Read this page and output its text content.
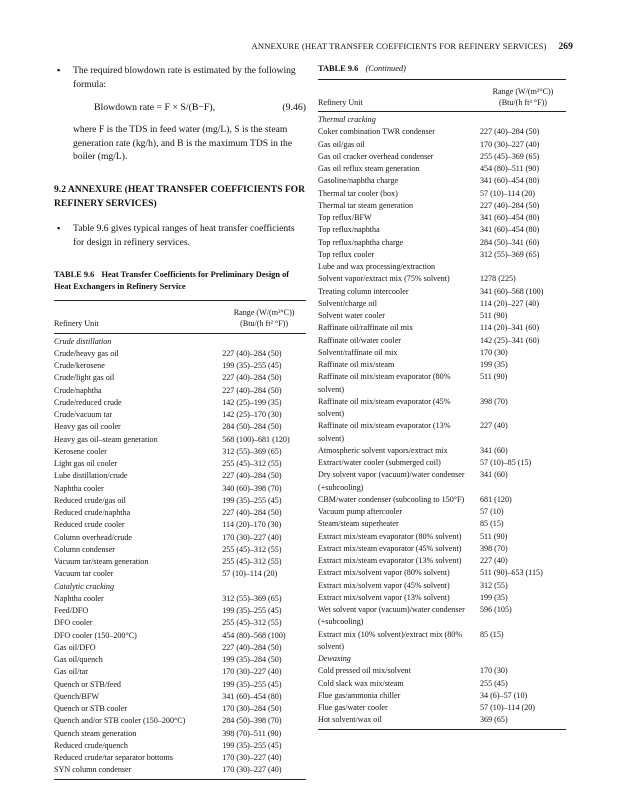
ANNEXURE (HEAT TRANSFER COEFFICIENTS FOR REFINERY SERVICES) 269
▪ The required blowdown rate is estimated by the following formula:
Blowdown rate = F × S/(B−F),	(9.46)
where F is the TDS in feed water (mg/L), S is the steam generation rate (kg/h), and B is the maximum TDS in the boiler (mg/L).
9.2 ANNEXURE (HEAT TRANSFER COEFFICIENTS FOR REFINERY SERVICES)
▪ Table 9.6 gives typical ranges of heat transfer coefficients for design in refinery services.
TABLE 9.6 Heat Transfer Coefficients for Preliminary Design of Heat Exchangers in Refinery Service
	Range (W/(m²°C))
Refinery Unit	(Btu/(h ft² °F))
Crude distillation	
Crude/heavy gas oil	227 (40)–284 (50)
Crude/kerosene	199 (35)–255 (45)
Crude/light gas oil	227 (40)–284 (50)
Crude/naphtha	227 (40)–284 (50)
Crude/reduced crude	142 (25)–199 (35)
Crude/vacuum tar	142 (25)–170 (30)
Heavy gas oil cooler	284 (50)–284 (50)
Heavy gas oil–steam generation	568 (100)–681 (120)
Kerosene cooler	312 (55)–369 (65)
Light gas oil cooler	255 (45)–312 (55)
Lube distillation/crude	227 (40)–284 (50)
Naphtha cooler	340 (60)–398 (70)
Reduced crude/gas oil	199 (35)–255 (45)
Reduced crude/naphtha	227 (40)–284 (50)
Reduced crude cooler	114 (20)–170 (30)
Column overhead/crude	170 (30)–227 (40)
Column condenser	255 (45)–312 (55)
Vacuum tar/steam generation	255 (45)–312 (55)
Vacuum tar cooler	57 (10)–114 (20)
Catalytic cracking	
Naphtha cooler	312 (55)–369 (65)
Feed/DFO	199 (35)–255 (45)
DFO cooler	255 (45)–312 (55)
DFO cooler (150–200°C)	454 (80)–568 (100)
Gas oil/DFO	227 (40)–284 (50)
Gas oil/quench	199 (35)–284 (50)
Gas oil/tar	170 (30)–227 (40)
Quench or STB/feed	199 (35)–255 (45)
Quench/BFW	341 (60)–454 (80)
Quench or STB cooler	170 (30)–284 (50)
Quench and/or STB cooler (150–200°C)	284 (50)–398 (70)
Quench steam generation	398 (70)–511 (90)
Reduced crude/quench	199 (35)–255 (45)
Reduced crude/tar separator bottoms	170 (30)–227 (40)
SYN column condenser	170 (30)–227 (40)
TABLE 9.6 (Continued)
	Range (W/(m²°C))
Refinery Unit	(Btu/(h ft² °F))
Thermal cracking	
Coker combination TWR condenser	227 (40)–284 (50)
Gas oil/gas oil	170 (30)–227 (40)
Gas oil cracker overhead condenser	255 (45)–369 (65)
Gas oil reflux steam generation	454 (80)–511 (90)
Gasoline/naphtha charge	341 (60)–454 (80)
Thermal tar cooler (box)	57 (10)–114 (20)
Thermal tar steam generation	227 (40)–284 (50)
Top reflux/BFW	341 (60)–454 (80)
Top reflux/naphtha	341 (60)–454 (80)
Top reflux/naphtha charge	284 (50)–341 (60)
Top reflux cooler	312 (55)–369 (65)
Lube and wax processing/extraction	
Solvent vapor/extract mix (75% solvent)	1278 (225)
Treating column intercooler	341 (60)–568 (100)
Solvent/charge oil	114 (20)–227 (40)
Solvent water cooler	511 (90)
Raffinate oil/raffinate oil mix	114 (20)–341 (60)
Raffinate oil/water cooler	142 (25)–341 (60)
Solvent/raffinate oil mix	170 (30)
Raffinate oil mix/steam	199 (35)
Raffinate oil mix/steam evaporator (80% solvent)	511 (90)
Raffinate oil mix/steam evaporator (45% solvent)	398 (70)
Raffinate oil mix/steam evaporator (13% solvent)	227 (40)
Atmospheric solvent vapors/extract mix	341 (60)
Extract/water cooler (submerged coil)	57 (10)–85 (15)
Dry solvent vapor (vacuum)/water condenser (+subcooling)	341 (60)
CBM/water condenser (subcooling to 150°F)	681 (120)
Vacuum pump aftercooler	57 (10)
Steam/steam superheater	85 (15)
Extract mix/steam evaporator (80% solvent)	511 (90)
Extract mix/steam evaporator (45% solvent)	398 (70)
Extract mix/steam evaporator (13% solvent)	227 (40)
Extract mix/solvent vapor (80% solvent)	511 (90)–653 (115)
Extract mix/solvent vapor (45% solvent)	312 (55)
Extract mix/solvent vapor (13% solvent)	199 (35)
Wet solvent vapor (vacuum)/water condenser (+subcooling)	596 (105)
Extract mix (10% solvent)/extract mix (80% solvent)	85 (15)
Dewaxing	
Cold pressed oil mix/solvent	170 (30)
Cold slack wax mix/steam	255 (45)
Flue gas/ammonia chiller	34 (6)–57 (10)
Flue gas/water cooler	57 (10)–114 (20)
Hot solvent/wax oil	369 (65)
